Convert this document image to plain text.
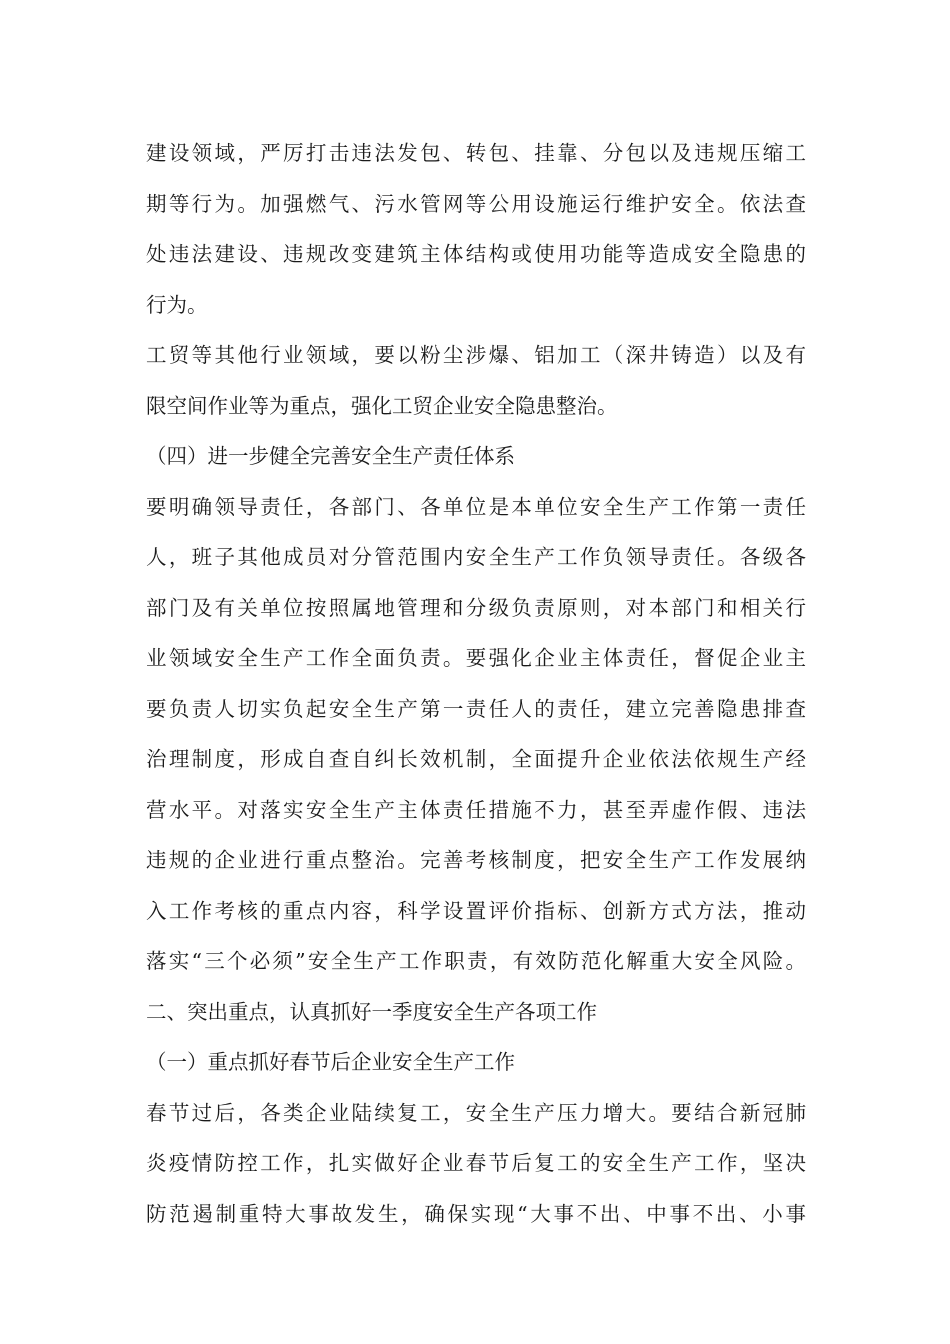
建设领域，严厉打击违法发包、转包、挂靠、分包以及违规压缩工
期等行为。加强燃气、污水管网等公用设施运行维护安全。依法查
处违法建设、违规改变建筑主体结构或使用功能等造成安全隐患的
行为。
工贸等其他行业领域，要以粉尘涉爆、铝加工（深井铸造）以及有
限空间作业等为重点，强化工贸企业安全隐患整治。
（四）进一步健全完善安全生产责任体系
要明确领导责任，各部门、各单位是本单位安全生产工作第一责任
人，班子其他成员对分管范围内安全生产工作负领导责任。各级各
部门及有关单位按照属地管理和分级负责原则，对本部门和相关行
业领域安全生产工作全面负责。要强化企业主体责任，督促企业主
要负责人切实负起安全生产第一责任人的责任，建立完善隐患排查
治理制度，形成自查自纠长效机制，全面提升企业依法依规生产经
营水平。对落实安全生产主体责任措施不力，甚至弄虚作假、违法
违规的企业进行重点整治。完善考核制度，把安全生产工作发展纳
入工作考核的重点内容，科学设置评价指标、创新方式方法，推动
落实“三个必须”安全生产工作职责，有效防范化解重大安全风险。
二、突出重点，认真抓好一季度安全生产各项工作
（一）重点抓好春节后企业安全生产工作
春节过后，各类企业陆续复工，安全生产压力增大。要结合新冠肺
炎疫情防控工作，扎实做好企业春节后复工的安全生产工作，坚决
防范遏制重特大事故发生，确保实现“大事不出、中事不出、小事
